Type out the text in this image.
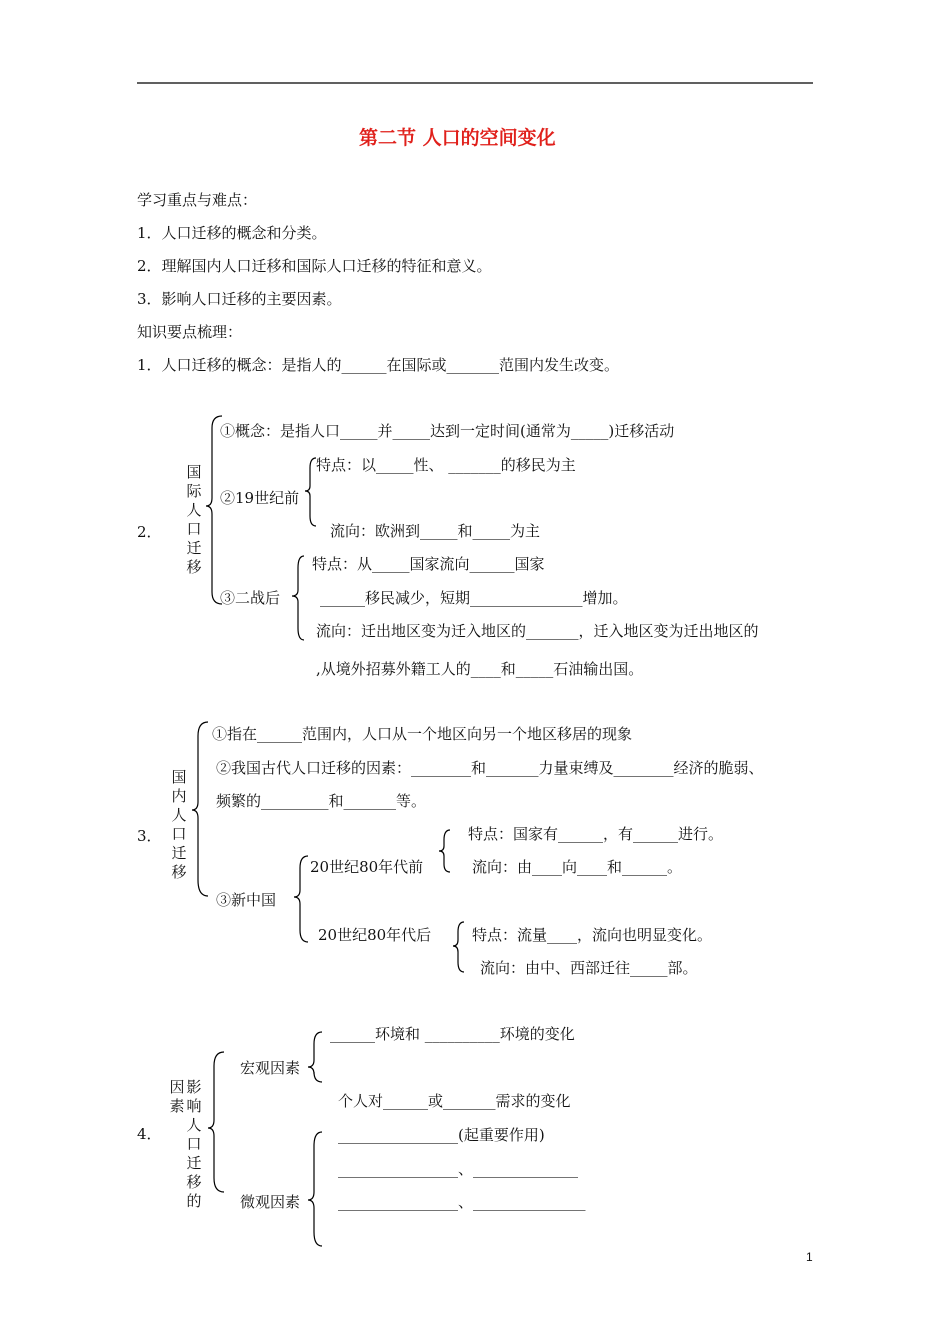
第二节 人口的空间变化
学习重点与难点：
1．人口迁移的概念和分类。
2．理解国内人口迁移和国际人口迁移的特征和意义。
3．影响人口迁移的主要因素。
知识要点梳理：
1．人口迁移的概念：是指人的______在国际或_______范围内发生改变。
2．
国际人口迁移
①概念：是指人口_____并_____达到一定时间(通常为_____)迁移活动
特点：以_____性、 _______的移民为主
②19世纪前
流向：欧洲到_____和_____为主
特点：从_____国家流向______国家
③二战后	______移民减少，短期_______________增加。
流向：迁出地区变为迁入地区的_______，迁入地区变为迁出地区的
,从境外招募外籍工人的____和_____石油输出国。
3．
国内人口迁移
①指在______范围内，人口从一个地区向另一个地区移居的现象
②我国古代人口迁移的因素：________和_______力量束缚及________经济的脆弱、
频繁的_________和_______等。
特点：国家有______，有______进行。
20世纪80年代前	流向：由____向____和______。
③新中国
20世纪80年代后	特点：流量____，流向也明显变化。
流向：由中、西部迁往_____部。
4．
影响
因素
人口迁移的
______环境和 __________环境的变化
宏观因素
个人对______或_______需求的变化
________________(起重要作用)
________________、______________
微观因素	________________、_______________
1
